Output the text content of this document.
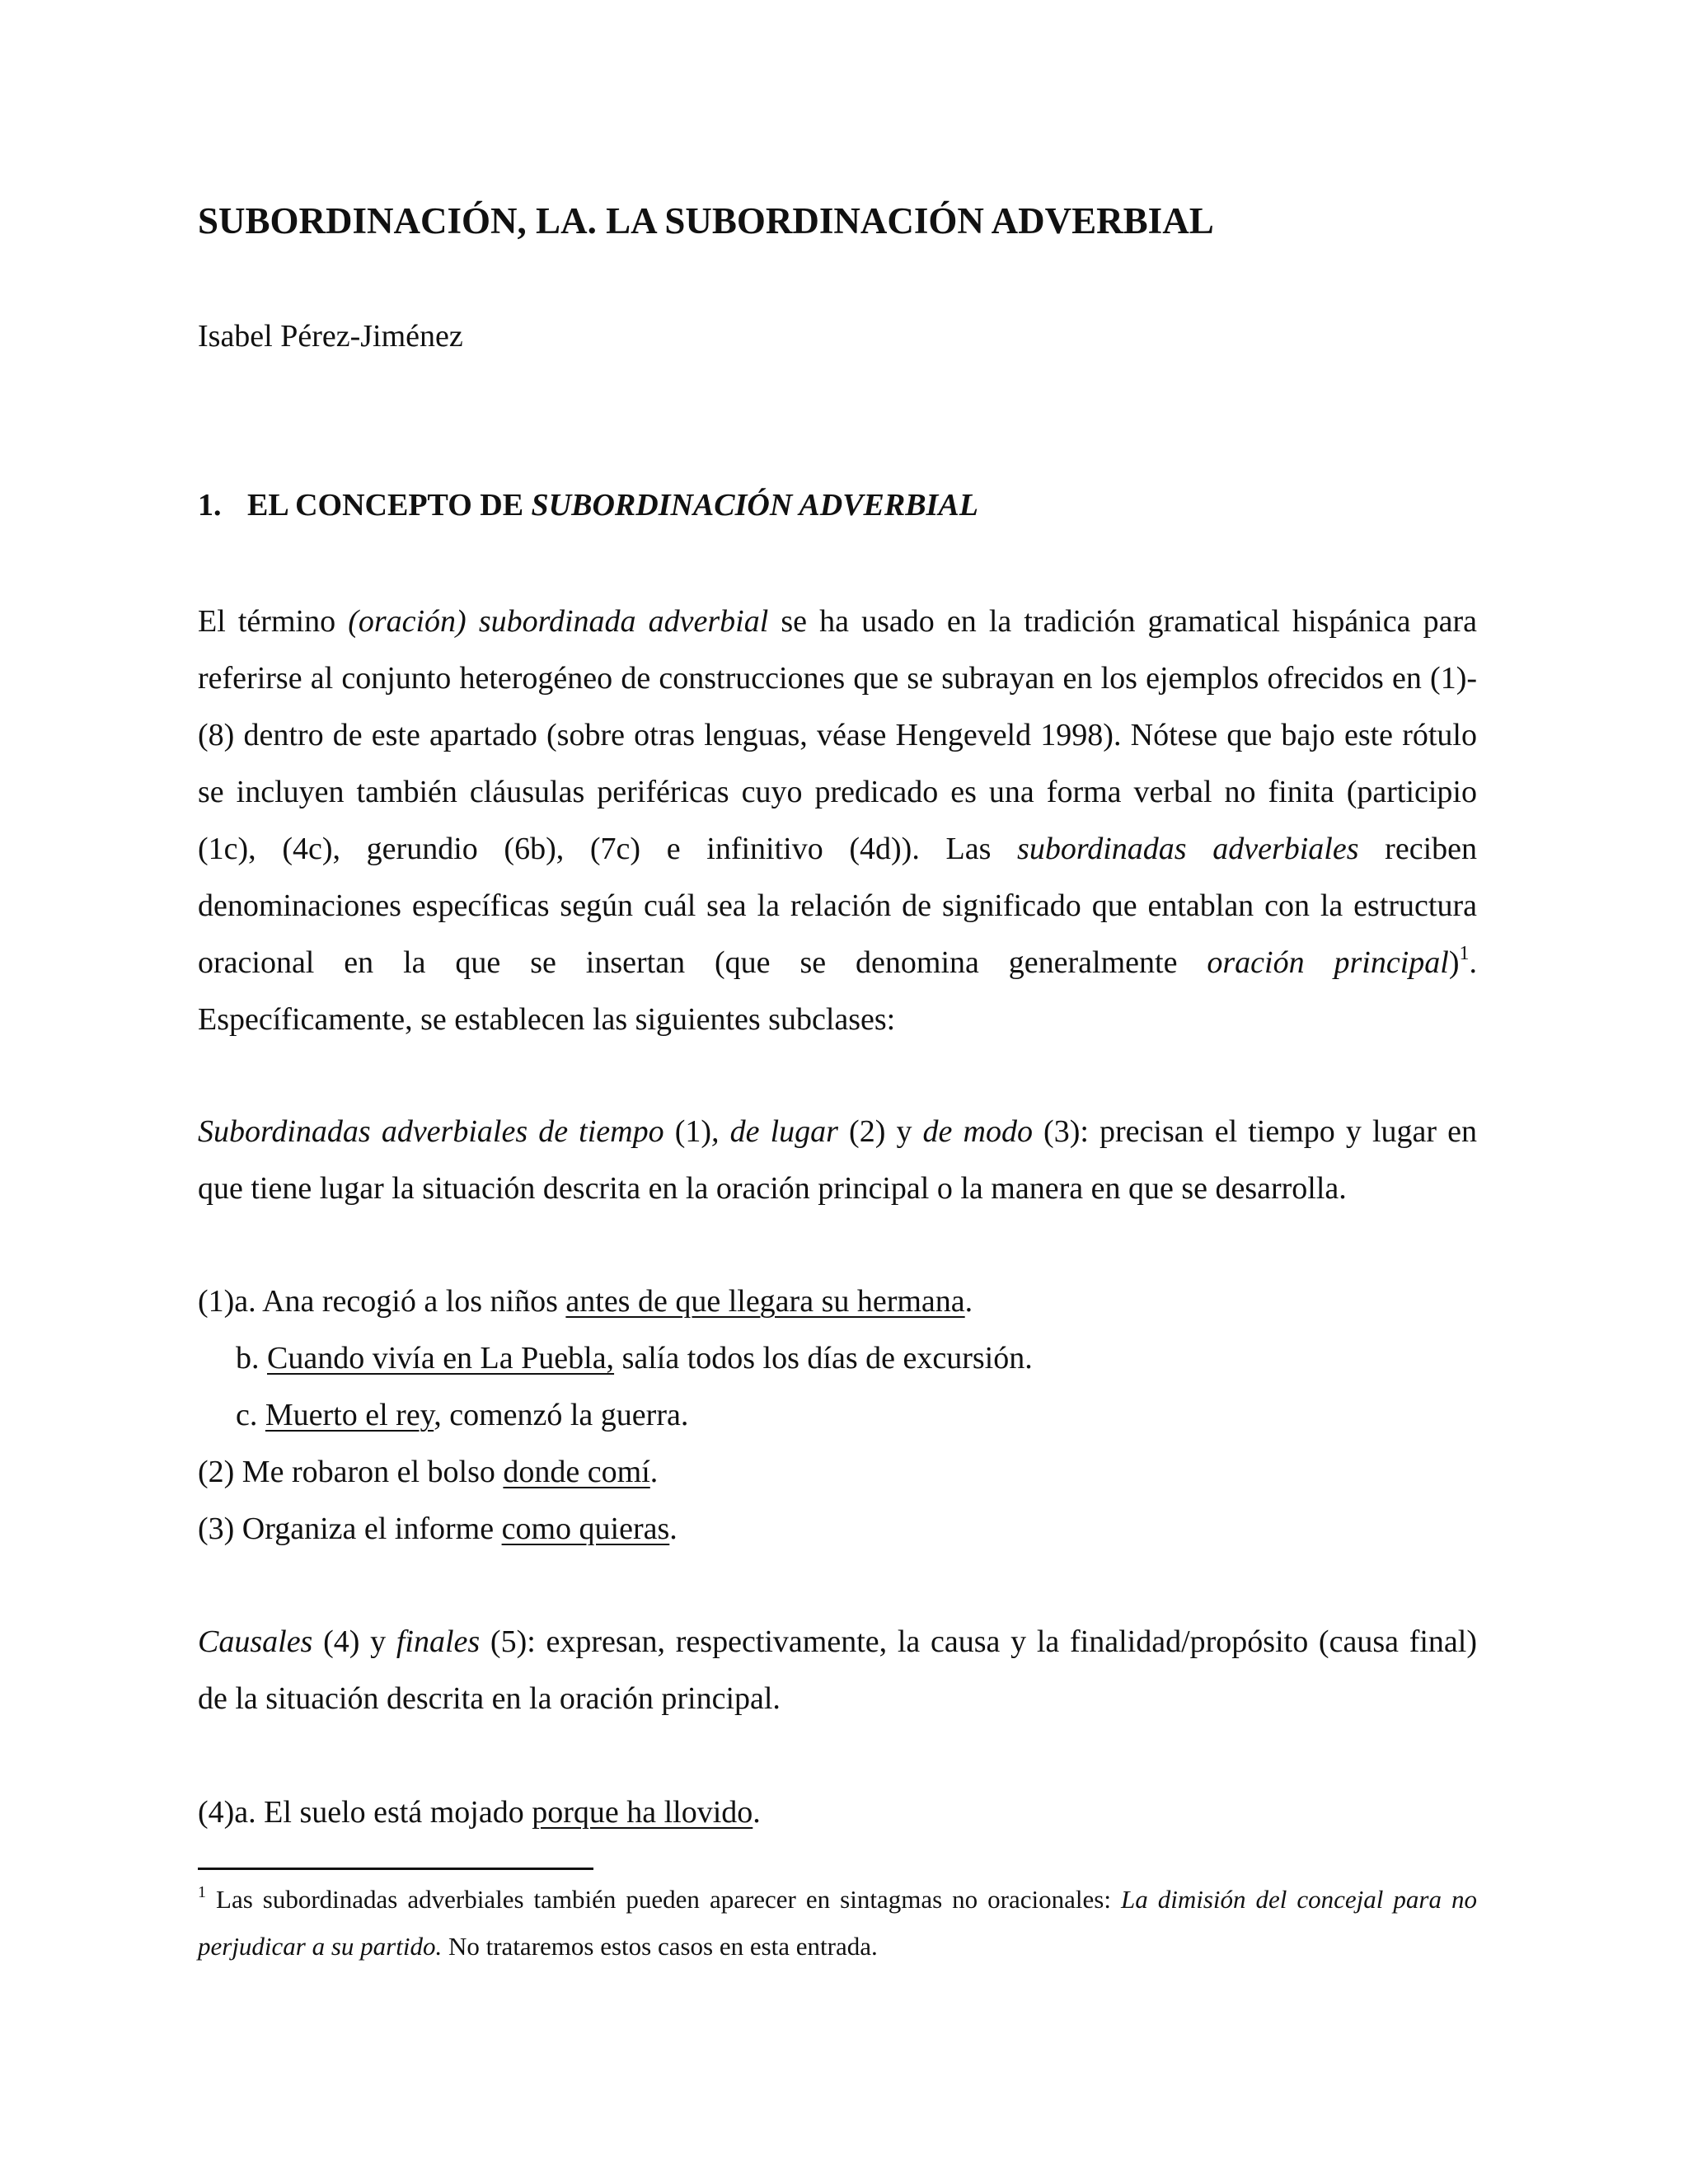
SUBORDINACIÓN, LA. LA SUBORDINACIÓN ADVERBIAL

Isabel Pérez-Jiménez

1. EL CONCEPTO DE SUBORDINACIÓN ADVERBIAL
El término (oración) subordinada adverbial se ha usado en la tradición gramatical hispánica para referirse al conjunto heterogéneo de construcciones que se subrayan en los ejemplos ofrecidos en (1)-(8) dentro de este apartado (sobre otras lenguas, véase Hengeveld 1998). Nótese que bajo este rótulo se incluyen también cláusulas periféricas cuyo predicado es una forma verbal no finita (participio (1c), (4c), gerundio (6b), (7c) e infinitivo (4d)). Las subordinadas adverbiales reciben denominaciones específicas según cuál sea la relación de significado que entablan con la estructura oracional en la que se insertan (que se denomina generalmente oración principal)$^1$.
Específicamente, se establecen las siguientes subclases:

Subordinadas adverbiales de tiempo (1), de lugar (2) y de modo (3): precisan el tiempo y lugar en que tiene lugar la situación descrita en la oración principal o la manera en que se desarrolla.

(1)a. Ana recogió a los niños antes de que llegara su hermana.
b. Cuando vivía en La Puebla, salía todos los días de excursión.
c. Muerto el rey, comenzó la guerra.
(2) Me robaron el bolso donde comí.
(3) Organiza el informe como quieras.

Causales (4) y finales (5): expresan, respectivamente, la causa y la finalidad/propósito (causa final) de la situación descrita en la oración principal.

(4)a. El suelo está mojado porque ha llovido.

$^1$ Las subordinadas adverbiales también pueden aparecer en sintagmas no oracionales: La dimisión del concejal para no perjudicar a su partido. No trataremos estos casos en esta entrada.
